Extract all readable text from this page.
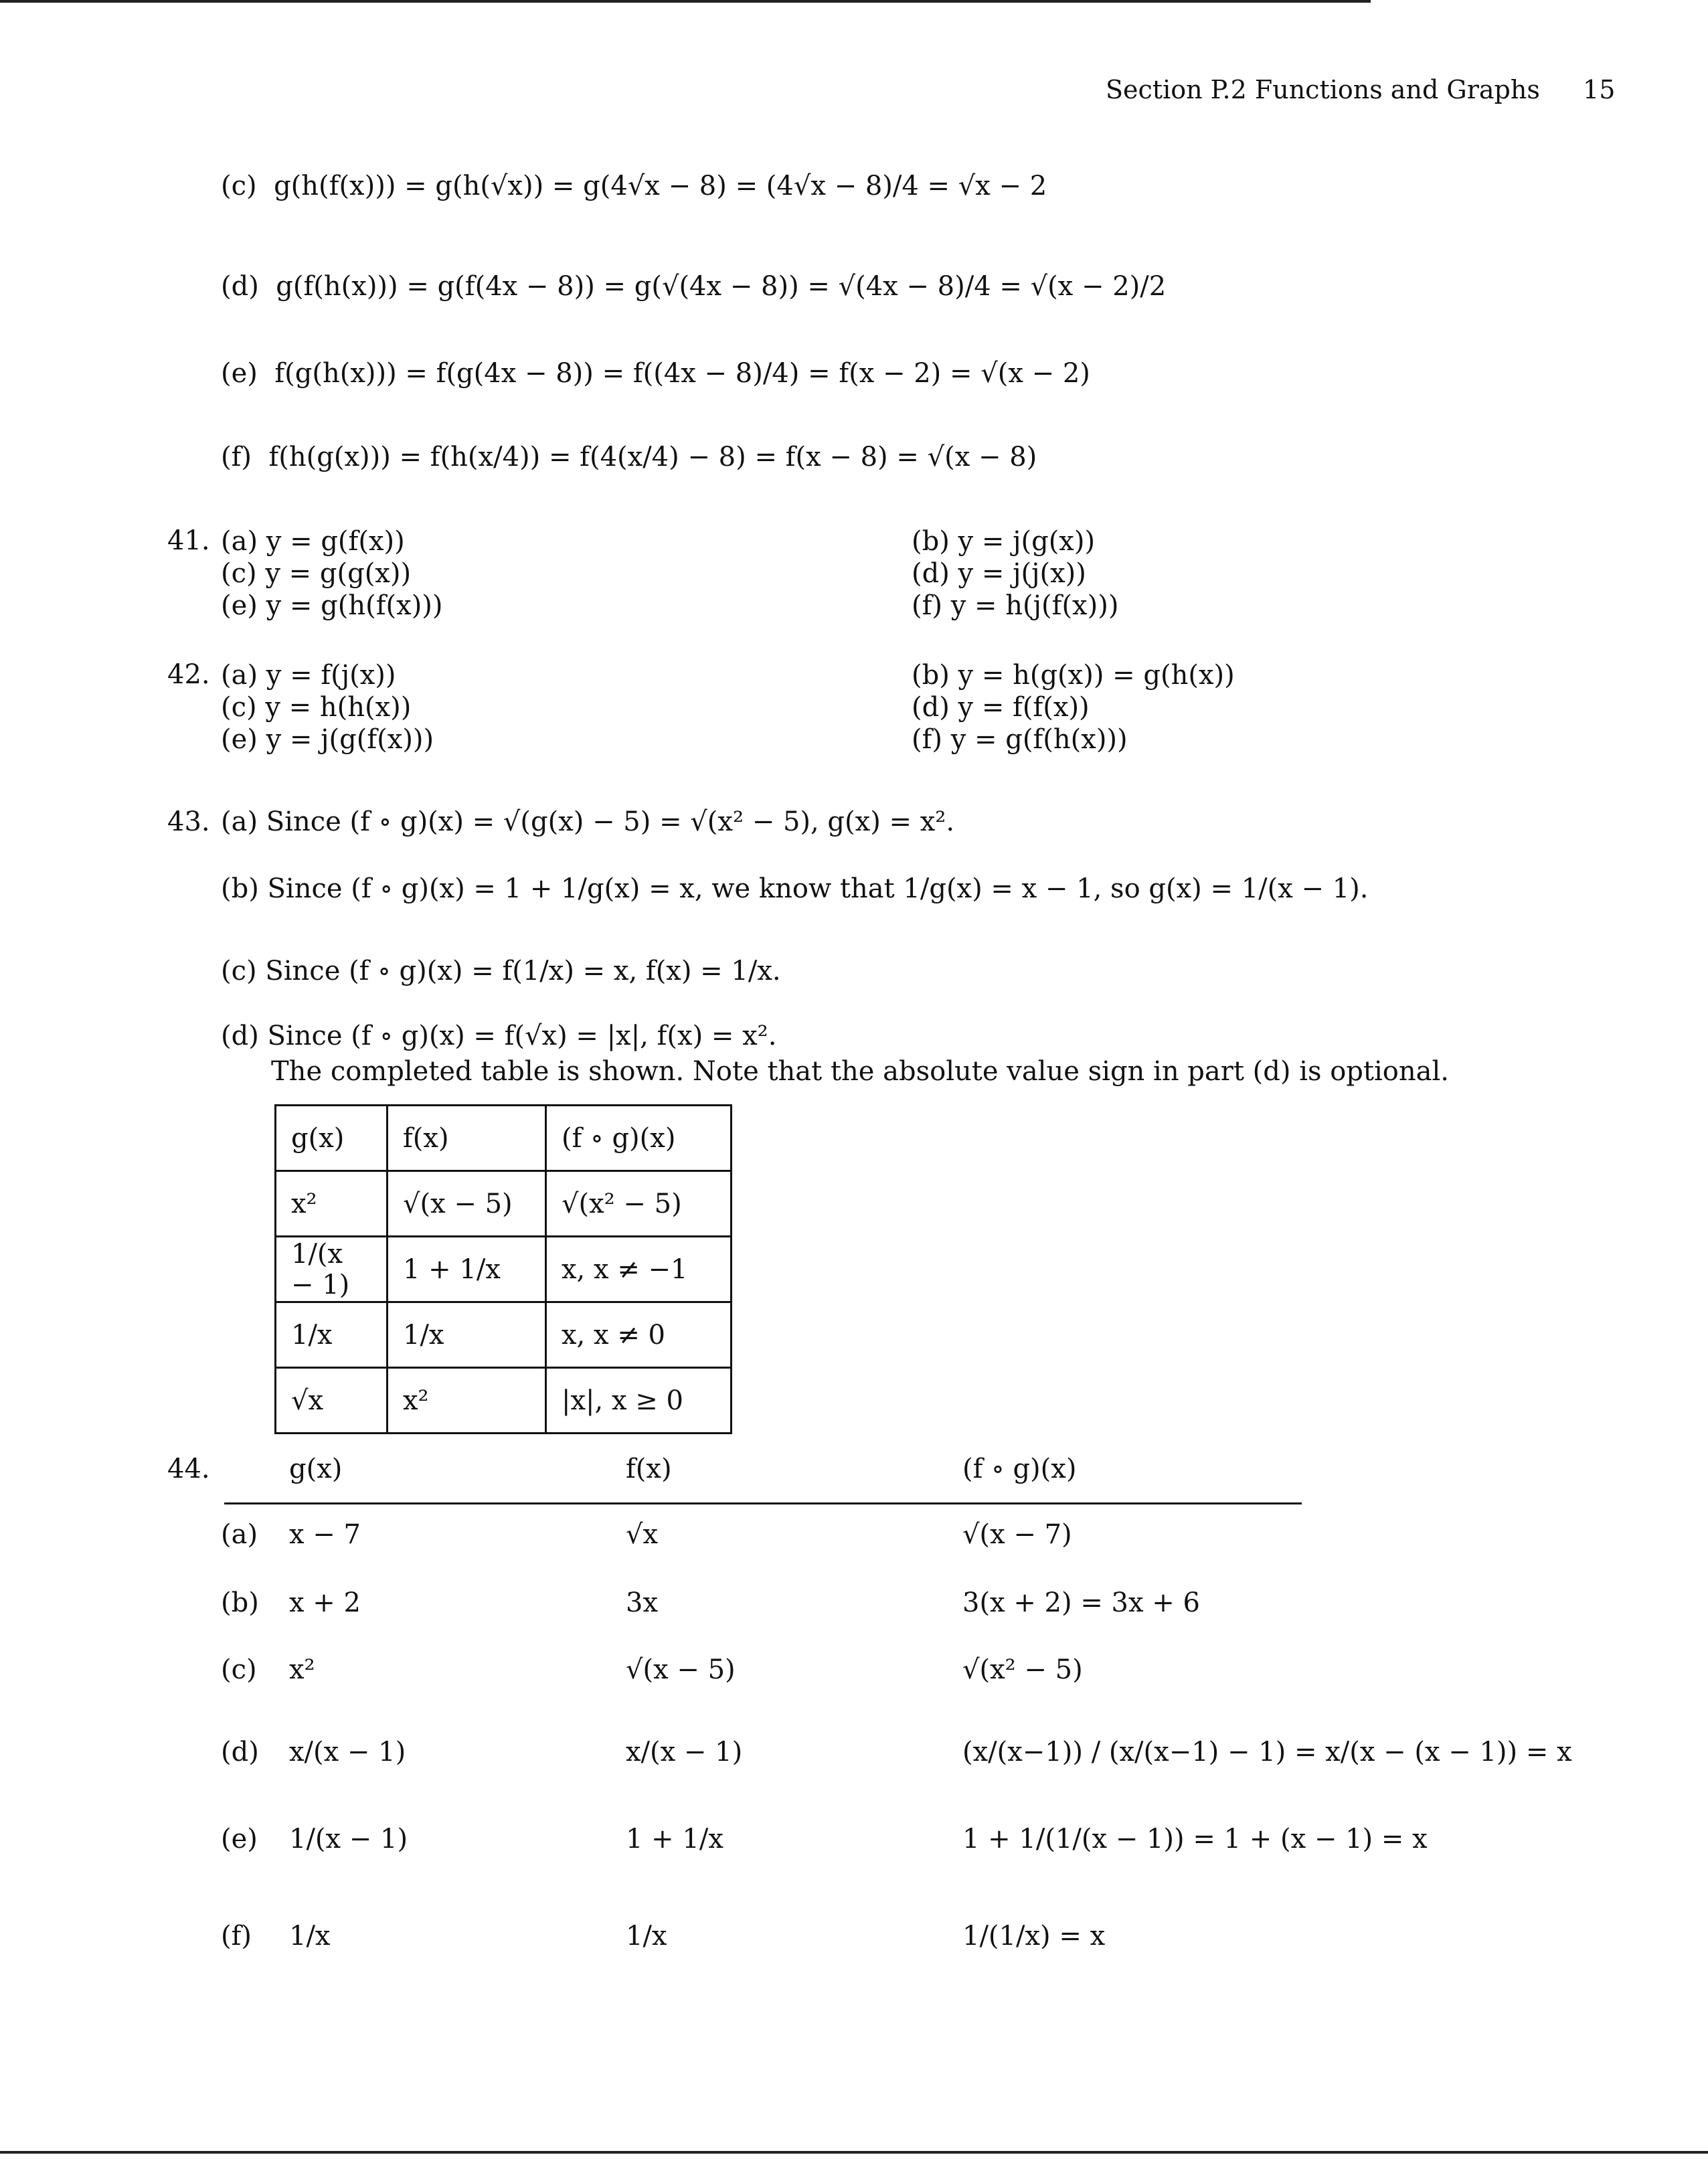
Section P.2 Functions and Graphs 15
(c) g(h(f(x))) = g(h(√x)) = g(4√x − 8) = (4√x − 8)/4 = √x − 2
(d) g(f(h(x))) = g(f(4x − 8)) = g(√(4x − 8)) = √(4x − 8)/4 = √(x − 2)/2
(e) f(g(h(x))) = f(g(4x − 8)) = f((4x − 8)/4) = f(x − 2) = √(x − 2)
(f) f(h(g(x))) = f(h(x/4)) = f(4(x/4) − 8) = f(x − 8) = √(x − 8)
41. (a) y = g(f(x))
(c) y = g(g(x))
(e) y = g(h(f(x)))
(b) y = j(g(x))
(d) y = j(j(x))
(f) y = h(j(f(x)))
42. (a) y = f(j(x))
(c) y = h(h(x))
(e) y = j(g(f(x)))
(b) y = h(g(x)) = g(h(x))
(d) y = f(f(x))
(f) y = g(f(h(x)))
43. (a) Since (f ∘ g)(x) = √(g(x) − 5) = √(x² − 5), g(x) = x².
(b) Since (f ∘ g)(x) = 1 + 1/g(x) = x, we know that 1/g(x) = x − 1, so g(x) = 1/(x − 1).
(c) Since (f ∘ g)(x) = f(1/x) = x, f(x) = 1/x.
(d) Since (f ∘ g)(x) = f(√x) = |x|, f(x) = x².
The completed table is shown. Note that the absolute value sign in part (d) is optional.
g(x)	f(x)	(f ∘ g)(x)
x²	√(x − 5)	√(x² − 5)
1/(x − 1)	1 + 1/x	x, x ≠ −1
1/x	1/x	x, x ≠ 0
√x	x²	|x|, x ≥ 0
44.	g(x)	f(x)	(f ∘ g)(x)
(a) x − 7	√x	√(x − 7)
(b) x + 2	3x	3(x + 2) = 3x + 6
(c) x²	√(x − 5)	√(x² − 5)
(d) x/(x − 1)	x/(x − 1)	(x/(x−1)) / (x/(x−1) − 1) = x/(x − (x − 1)) = x
(e) 1/(x − 1)	1 + 1/x	1 + 1/(1/(x − 1)) = 1 + (x − 1) = x
(f) 1/x	1/x	1/(1/x) = x
